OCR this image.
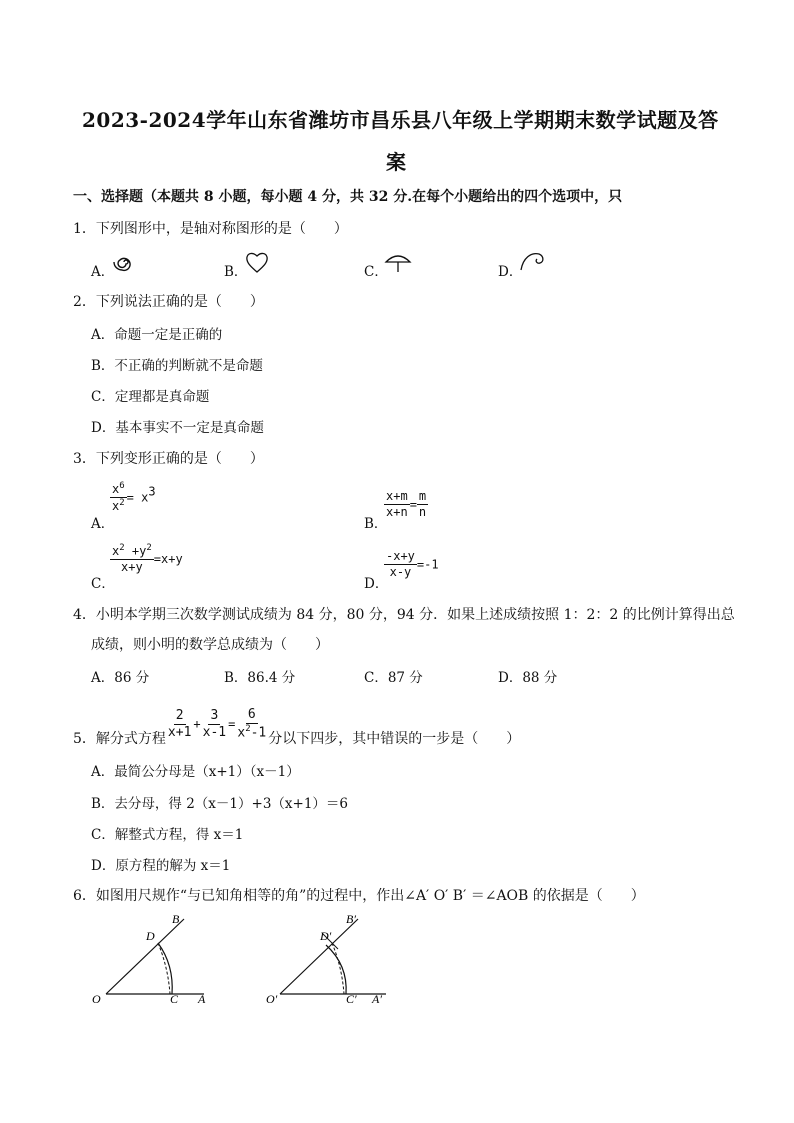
2023-2024学年山东省潍坊市昌乐县八年级上学期期末数学试题及答
案
一、选择题（本题共 8 小题，每小题 4 分，共 32 分.在每个小题给出的四个选项中，只
1．下列图形中，是轴对称图形的是（　　）
A．	B．	C．	D．
2．下列说法正确的是（　　）
A．命题一定是正确的
B．不正确的判断就不是命题
C．定理都是真命题
D．基本事实不一定是真命题
3．下列变形正确的是（　　）
A．
$\frac{x^6}{x^2} = x^3$
B．
$\frac{x+m}{x+n} = \frac{m}{n}$
C．
$\frac{x^2 +y^2}{x+y} =x+y$
D．
$\frac{-x+y}{x-y} =-1$
4．小明本学期三次数学测试成绩为 84 分，80 分，94 分．如果上述成绩按照 1：2：2 的比例计算得出总
成绩，则小明的数学总成绩为（　　）
A．86 分	B．86.4 分	C．87 分	D．88 分
5．解分式方程 $\frac{2}{x+1} + \frac{3}{x-1} = \frac{6}{x^2-1}$ 分以下四步，其中错误的一步是（　　）
A．最简公分母是（x+1）（x－1）
B．去分母，得 2（x－1）+3（x+1）＝6
C．解整式方程，得 x＝1
D．原方程的解为 x＝1
6．如图用尺规作“与已知角相等的角”的过程中，作出∠A′ O′ B′ ＝∠AOB 的依据是（　　）
B
D
O	C A
B′
D′
O′	C′ A′
